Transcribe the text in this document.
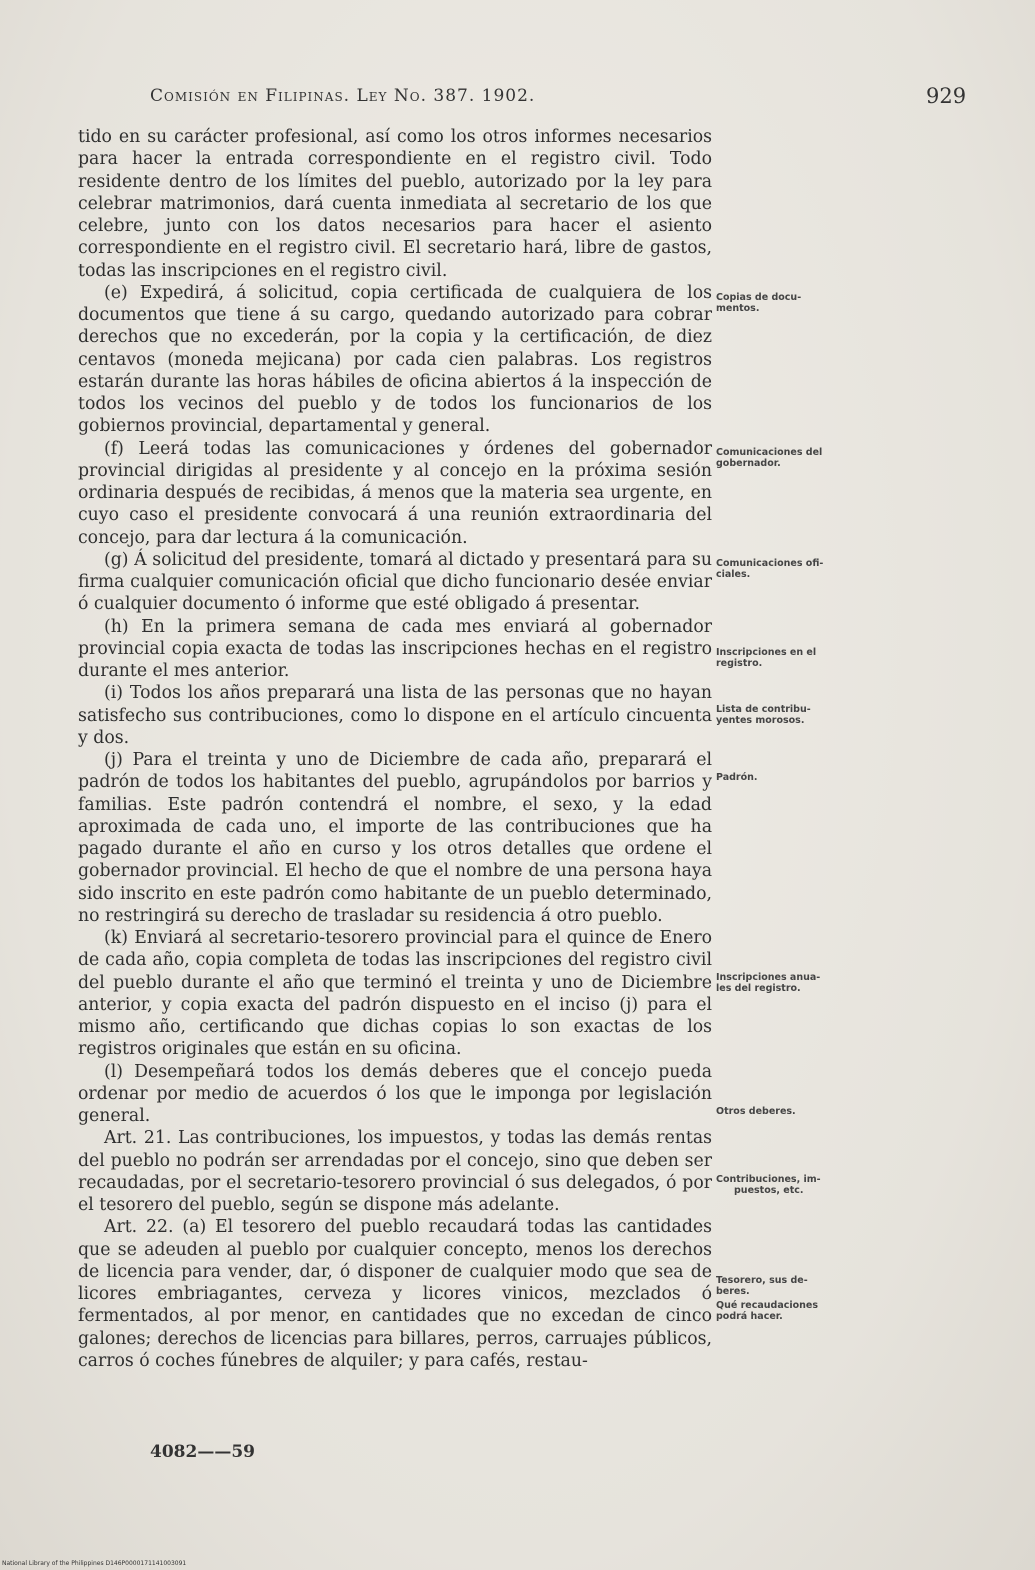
Comisión en Filipinas. Ley No. 387. 1902.	929

tido en su carácter profesional, así como los otros informes necesarios para hacer la entrada correspondiente en el registro civil. Todo residente dentro de los límites del pueblo, autorizado por la ley para celebrar matrimonios, dará cuenta inmediata al secretario de los que celebre, junto con los datos necesarios para hacer el asiento correspondiente en el registro civil. El secretario hará, libre de gastos, todas las inscripciones en el registro civil.

(e) Expedirá, á solicitud, copia certificada de cualquiera de los documentos que tiene á su cargo, quedando autorizado para cobrar derechos que no excederán, por la copia y la certificación, de diez centavos (moneda mejicana) por cada cien palabras. Los registros estarán durante las horas hábiles de oficina abiertos á la inspección de todos los vecinos del pueblo y de todos los funcionarios de los gobiernos provincial, departamental y general.

(f) Leerá todas las comunicaciones y órdenes del gobernador provincial dirigidas al presidente y al concejo en la próxima sesión ordinaria después de recibidas, á menos que la materia sea urgente, en cuyo caso el presidente convocará á una reunión extraordinaria del concejo, para dar lectura á la comunicación.

(g) Á solicitud del presidente, tomará al dictado y presentará para su firma cualquier comunicación oficial que dicho funcionario desée enviar ó cualquier documento ó informe que esté obligado á presentar.

(h) En la primera semana de cada mes enviará al gobernador provincial copia exacta de todas las inscripciones hechas en el registro durante el mes anterior.

(i) Todos los años preparará una lista de las personas que no hayan satisfecho sus contribuciones, como lo dispone en el artículo cincuenta y dos.

(j) Para el treinta y uno de Diciembre de cada año, preparará el padrón de todos los habitantes del pueblo, agrupándolos por barrios y familias. Este padrón contendrá el nombre, el sexo, y la edad aproximada de cada uno, el importe de las contribuciones que ha pagado durante el año en curso y los otros detalles que ordene el gobernador provincial. El hecho de que el nombre de una persona haya sido inscrito en este padrón como habitante de un pueblo determinado, no restringirá su derecho de trasladar su residencia á otro pueblo.

(k) Enviará al secretario-tesorero provincial para el quince de Enero de cada año, copia completa de todas las inscripciones del registro civil del pueblo durante el año que terminó el treinta y uno de Diciembre anterior, y copia exacta del padrón dispuesto en el inciso (j) para el mismo año, certificando que dichas copias lo son exactas de los registros originales que están en su oficina.

(l) Desempeñará todos los demás deberes que el concejo pueda ordenar por medio de acuerdos ó los que le imponga por legislación general.

Art. 21. Las contribuciones, los impuestos, y todas las demás rentas del pueblo no podrán ser arrendadas por el concejo, sino que deben ser recaudadas, por el secretario-tesorero provincial ó sus delegados, ó por el tesorero del pueblo, según se dispone más adelante.

Art. 22. (a) El tesorero del pueblo recaudará todas las cantidades que se adeuden al pueblo por cualquier concepto, menos los derechos de licencia para vender, dar, ó disponer de cualquier modo que sea de licores embriagantes, cerveza y licores vinicos, mezclados ó fermentados, al por menor, en cantidades que no excedan de cinco galones; derechos de licencias para billares, perros, carruajes públicos, carros ó coches fúnebres de alquiler; y para cafés, restau-

Copias de docu-
mentos.
Comunicaciones del
gobernador.
Comunicaciones ofi-
ciales.
Inscripciones en el
registro.
Lista de contribu-
yentes morosos.
Padrón.
Inscripciones anua-
les del registro.
Otros deberes.
Contribuciones, im-
puestos, etc.
Tesorero, sus de-
beres.
Qué recaudaciones
podrá hacer.
4082——59
National Library of the Philippines D146P0000171141003091
